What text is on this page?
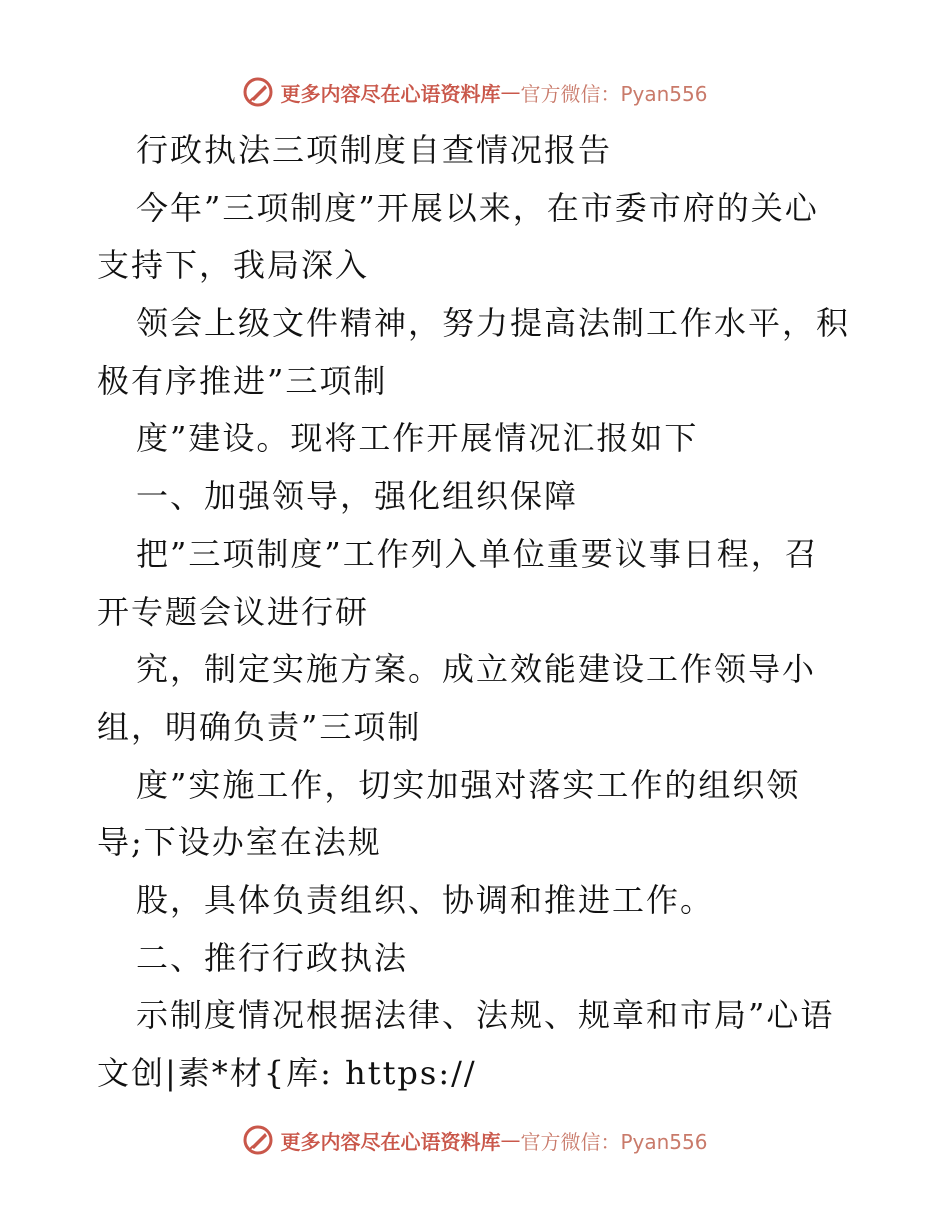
更多内容尽在心语资料库 — 官方微信：Pyan556
行政执法三项制度自查情况报告
今年”三项制度”开展以来，在市委市府的关心
支持下，我局深入
领会上级文件精神，努力提高法制工作水平，积
极有序推进”三项制
度”建设。现将工作开展情况汇报如下
一、加强领导，强化组织保障
把”三项制度”工作列入单位重要议事日程，召
开专题会议进行研
究，制定实施方案。成立效能建设工作领导小
组，明确负责”三项制
度”实施工作，切实加强对落实工作的组织领
导;下设办室在法规
股，具体负责组织、协调和推进工作。
二、推行行政执法
示制度情况根据法律、法规、规章和市局”心语
文创|素*材{库: https://
更多内容尽在心语资料库 — 官方微信：Pyan556
